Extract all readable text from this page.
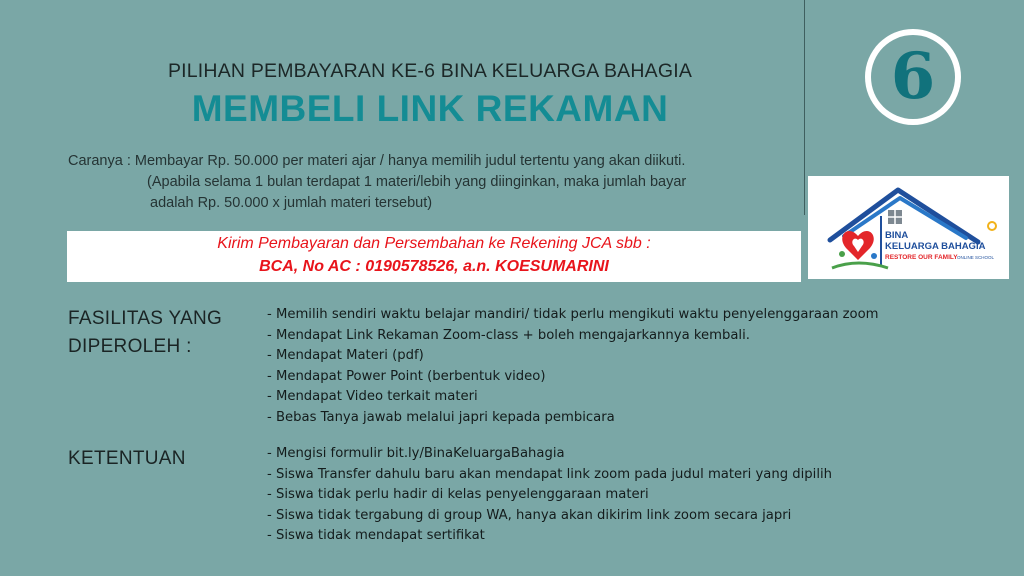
PILIHAN PEMBAYARAN KE-6 BINA KELUARGA BAHAGIA
MEMBELI LINK REKAMAN	6
Caranya : Membayar Rp. 50.000 per materi ajar / hanya memilih judul tertentu yang akan diikuti.
(Apabila selama 1 bulan terdapat 1 materi/lebih yang diinginkan, maka jumlah bayar
adalah Rp. 50.000 x jumlah materi tersebut)
Kirim Pembayaran dan Persembahan ke Rekening JCA sbb :
BCA, No AC : 0190578526, a.n. KOESUMARINI
BINA
KELUARGA BAHAGIA
RESTORE OUR FAMILY ONLINE SCHOOL
FASILITAS YANG
DIPEROLEH :
- Memilih sendiri waktu belajar mandiri/ tidak perlu mengikuti waktu penyelenggaraan zoom
- Mendapat Link Rekaman Zoom-class + boleh mengajarkannya kembali.
- Mendapat Materi (pdf)
- Mendapat Power Point (berbentuk video)
- Mendapat Video terkait materi
- Bebas Tanya jawab melalui japri kepada pembicara
KETENTUAN	- Mengisi formulir bit.ly/BinaKeluargaBahagia
- Siswa Transfer dahulu baru akan mendapat link zoom pada judul materi yang dipilih
- Siswa tidak perlu hadir di kelas penyelenggaraan materi
- Siswa tidak tergabung di group WA, hanya akan dikirim link zoom secara japri
- Siswa tidak mendapat sertifikat
